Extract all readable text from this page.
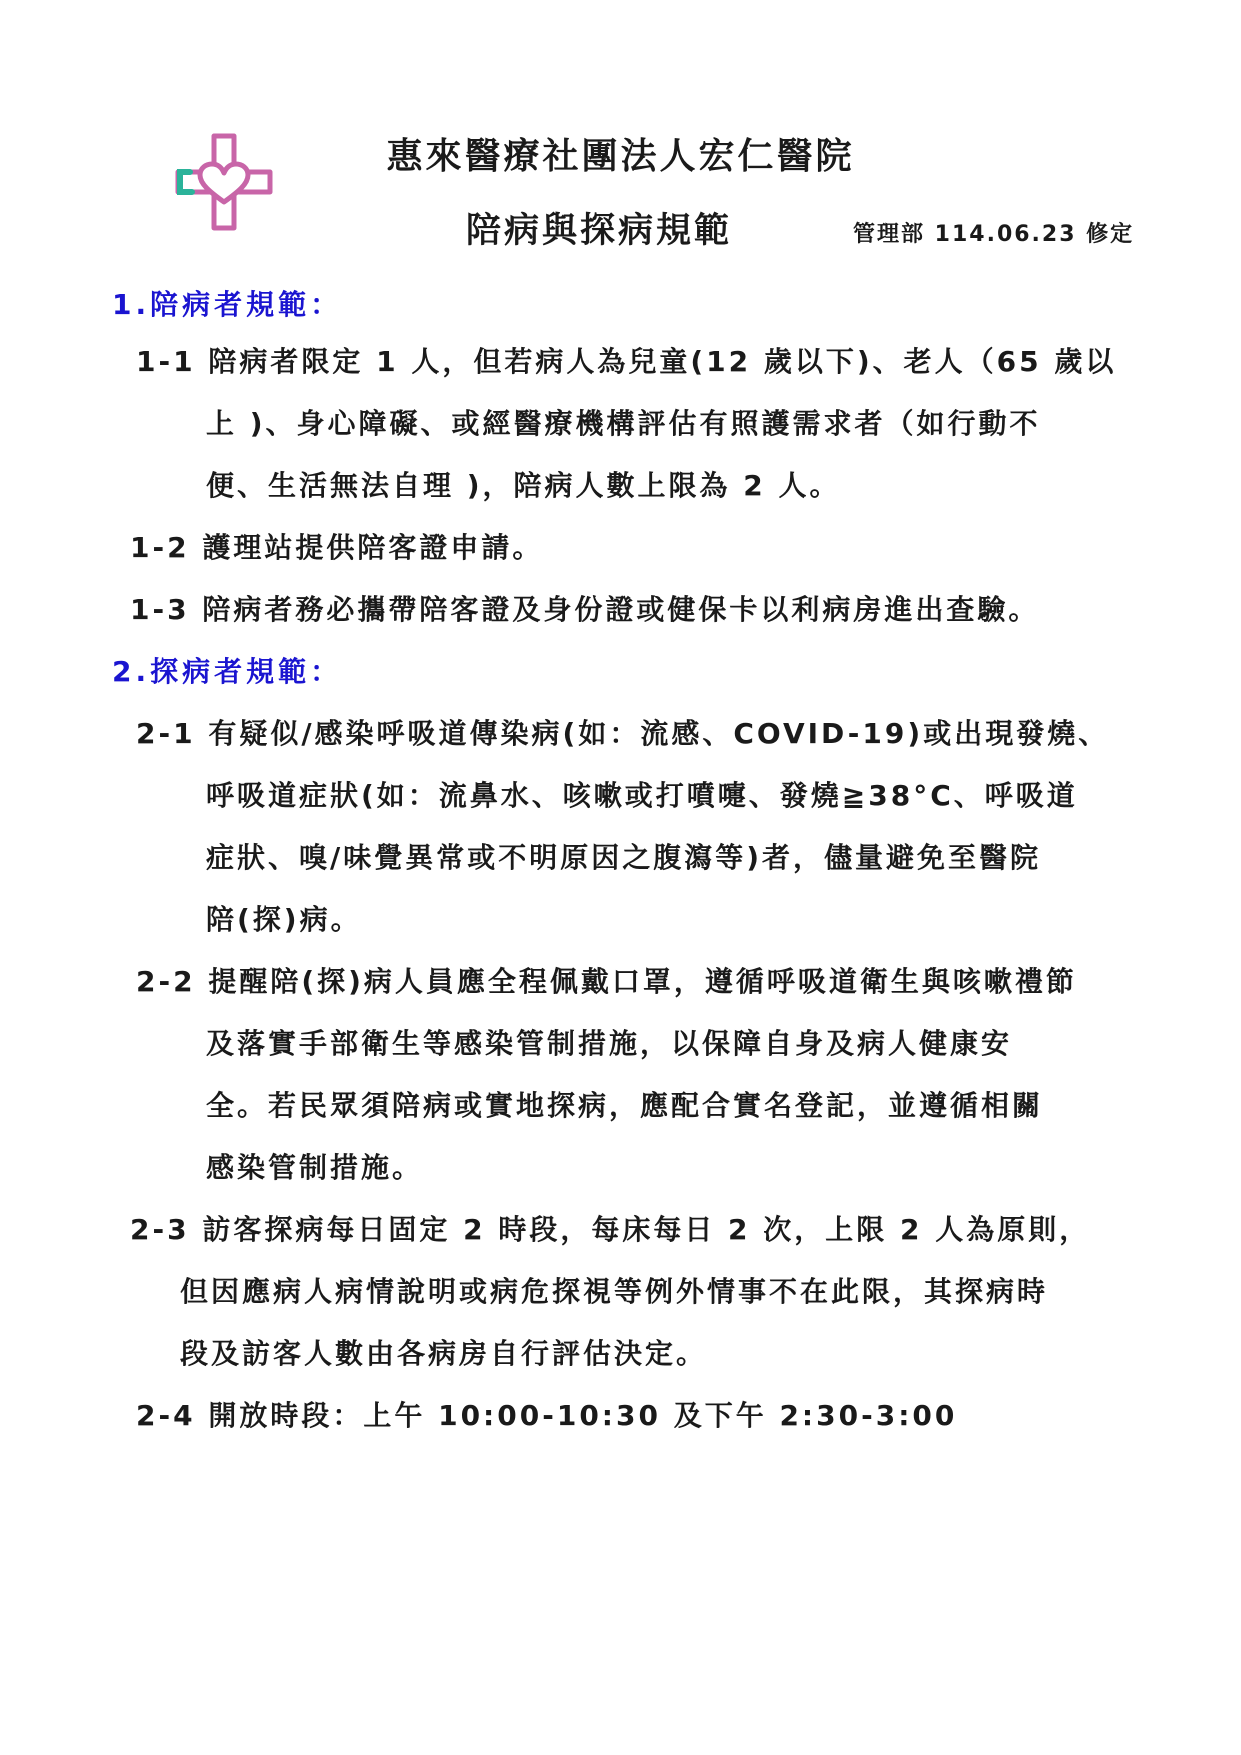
惠來醫療社團法人宏仁醫院
陪病與探病規範	管理部 114.06.23 修定
1.陪病者規範：
1-1 陪病者限定 1 人，但若病人為兒童(12 歲以下)、老人（65 歲以
上 )、身心障礙、或經醫療機構評估有照護需求者（如行動不
便、生活無法自理 )，陪病人數上限為 2 人。
1-2 護理站提供陪客證申請。
1-3 陪病者務必攜帶陪客證及身份證或健保卡以利病房進出查驗。
2.探病者規範：
2-1 有疑似/感染呼吸道傳染病(如：流感、COVID-19)或出現發燒、
呼吸道症狀(如：流鼻水、咳嗽或打噴嚏、發燒≧38°C、呼吸道
症狀、嗅/味覺異常或不明原因之腹瀉等)者，儘量避免至醫院
陪(探)病。
2-2 提醒陪(探)病人員應全程佩戴口罩，遵循呼吸道衛生與咳嗽禮節
及落實手部衛生等感染管制措施，以保障自身及病人健康安
全。若民眾須陪病或實地探病，應配合實名登記，並遵循相關
感染管制措施。
2-3 訪客探病每日固定 2 時段，每床每日 2 次，上限 2 人為原則，
但因應病人病情說明或病危探視等例外情事不在此限，其探病時
段及訪客人數由各病房自行評估決定。
2-4 開放時段：上午 10:00-10:30 及下午 2:30-3:00
